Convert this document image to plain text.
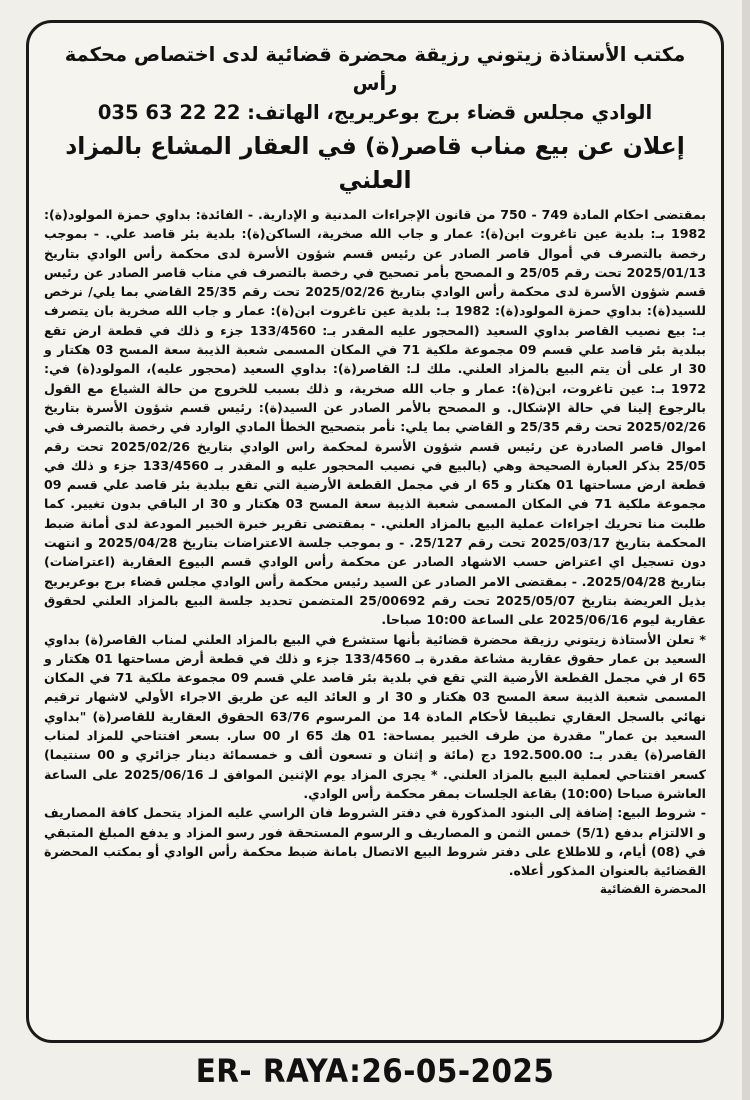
مكتب الأستاذة زيتوني رزيقة محضرة قضائية لدى اختصاص محكمة رأس
الوادي مجلس قضاء برج بوعريريج، الهاتف: 22 22 63 035
إعلان عن بيع مناب قاصر(ة) في العقار المشاع بالمزاد العلني

بمقتضى احكام المادة 749 - 750 من قانون الإجراءات المدنية و الإدارية. - الفائدة: بداوي حمزة المولود(ة): 1982 بـ: بلدية عين تاغروت ابن(ة): عمار و جاب الله صخرية، الساكن(ة): بلدية بئر قاصد علي. - بموجب رخصة بالتصرف في أموال قاصر الصادر عن رئيس قسم شؤون الأسرة لدى محكمة رأس الوادي بتاريخ 2025/01/13 تحت رقم 25/05 و المصحح بأمر تصحيح في رخصة بالتصرف في مناب قاصر الصادر عن رئيس قسم شؤون الأسرة لدى محكمة رأس الوادي بتاريخ 2025/02/26 تحت رقم 25/35 القاضي بما يلي/ نرخص للسيد(ة): بداوي حمزة المولود(ة): 1982 بـ: بلدية عين تاغروت ابن(ة): عمار و جاب الله صخرية بان يتصرف بـ: بيع نصيب القاصر بداوي السعيد (المحجور عليه المقدر بـ: 133/4560 جزء و ذلك في قطعة ارض تقع ببلدية بئر قاصد علي قسم 09 مجموعة ملكية 71 في المكان المسمى شعبة الذيبة سعة المسح 03 هكتار و 30 ار على أن يتم البيع بالمزاد العلني. ملك لـ: القاصر(ة): بداوي السعيد (محجور عليه)، المولود(ة) في: 1972 بـ: عين تاغروت، ابن(ة): عمار و جاب الله صخرية، و ذلك بسبب للخروج من حالة الشياع مع القول بالرجوع إلينا في حالة الإشكال. و المصحح بالأمر الصادر عن السيد(ة): رئيس قسم شؤون الأسرة بتاريخ 2025/02/26 تحت رقم 25/35 و القاضي بما يلي: نأمر بتصحيح الخطأ المادي الوارد في رخصة بالتصرف في اموال قاصر الصادرة عن رئيس قسم شؤون الأسرة لمحكمة راس الوادي بتاريخ 2025/02/26 تحت رقم 25/05 بذكر العبارة الصحيحة وهي (بالبيع في نصيب المحجور عليه و المقدر بـ 133/4560 جزء و ذلك في قطعة ارض مساحتها 01 هكتار و 65 ار في مجمل القطعة الأرضية التي تقع ببلدية بئر قاصد علي قسم 09 مجموعة ملكية 71 في المكان المسمى شعبة الذيبة سعة المسح 03 هكتار و 30 ار الباقي بدون تغيير. كما طلبت منا تحريك اجراءات عملية البيع بالمزاد العلني. - بمقتضى تقرير خبرة الخبير المودعة لدى أمانة ضبط المحكمة بتاريخ 2025/03/17 تحت رقم 25/127. - و بموجب جلسة الاعتراضات بتاريخ 2025/04/28 و انتهت دون تسجيل اي اعتراض حسب الاشهاد الصادر عن محكمة رأس الوادي قسم البيوع العقارية (اعتراضات) بتاريخ 2025/04/28. - بمقتضى الامر الصادر عن السيد رئيس محكمة رأس الوادي مجلس قضاء برج بوعريريج بذيل العريضة بتاريخ 2025/05/07 تحت رقم 25/00692 المتضمن تحديد جلسة البيع بالمزاد العلني لحقوق عقارية ليوم 2025/06/16 على الساعة 10:00 صباحا.

* تعلن الأستاذة زيتوني رزيقة محضرة قضائية بأنها ستشرع في البيع بالمزاد العلني لمناب القاصر(ة) بداوي السعيد بن عمار حقوق عقارية مشاعة مقدرة بـ 133/4560 جزء و ذلك في قطعة أرض مساحتها 01 هكتار و 65 ار في مجمل القطعة الأرضية التي تقع في بلدية بئر قاصد علي قسم 09 مجموعة ملكية 71 في المكان المسمى شعبة الذيبة سعة المسح 03 هكتار و 30 ار و العائد اليه عن طريق الاجراء الأولي لاشهار ترقيم نهائي بالسجل العقاري تطبيقا لأحكام المادة 14 من المرسوم 63/76 الحقوق العقارية للقاصر(ة) "بداوي السعيد بن عمار" مقدرة من طرف الخبير بمساحة: 01 هك 65 ار 00 سار. بسعر افتتاحي للمزاد لمناب القاصر(ة) يقدر بـ: 192.500.00 دج (مائة و إثنان و تسعون ألف و خمسمائة دينار جزائري و 00 سنتيما) كسعر افتتاحي لعملية البيع بالمزاد العلني. * يجرى المزاد يوم الإثنين الموافق لـ 2025/06/16 على الساعة العاشرة صباحا (10:00) بقاعة الجلسات بمقر محكمة رأس الوادي.

- شروط البيع: إضافة إلى البنود المذكورة في دفتر الشروط فان الراسي عليه المزاد يتحمل كافة المصاريف و الالتزام بدفع (5/1) خمس الثمن و المصاريف و الرسوم المستحقة فور رسو المزاد و يدفع المبلغ المتبقي في (08) أيام، و للاطلاع على دفتر شروط البيع الاتصال بامانة ضبط محكمة رأس الوادي أو بمكتب المحضرة القضائية بالعنوان المذكور أعلاه.

المحضرة القضائية
ER- RAYA:26-05-2025
